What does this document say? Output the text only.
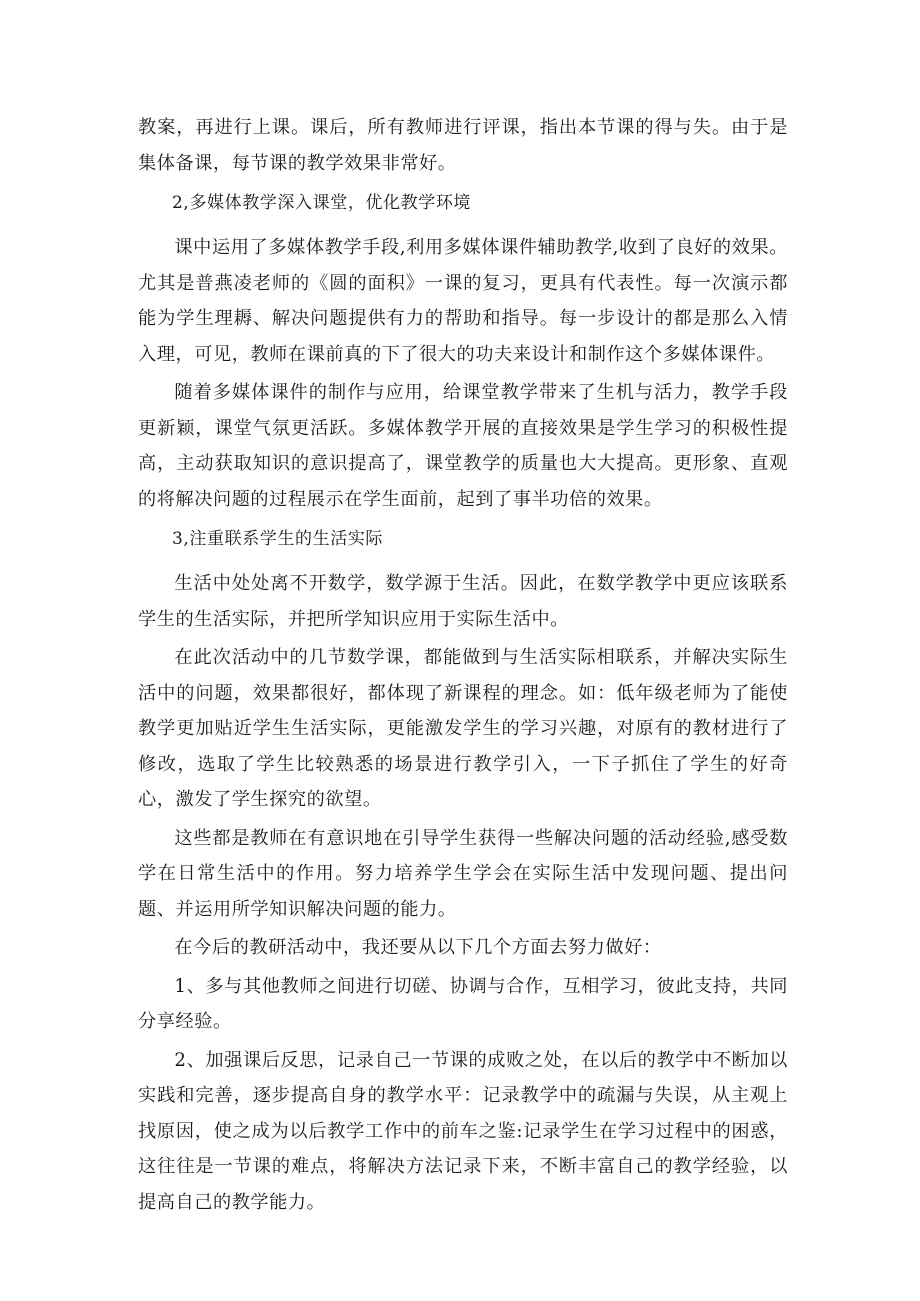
教案，再进行上课。课后，所有教师进行评课，指出本节课的得与失。由于是集体备课，每节课的教学效果非常好。

2,多媒体教学深入课堂，优化教学环境

课中运用了多媒体教学手段,利用多媒体课件辅助教学,收到了良好的效果。尤其是普燕凌老师的《圆的面积》一课的复习，更具有代表性。每一次演示都能为学生理耨、解决问题提供有力的帮助和指导。每一步设计的都是那么入情入理，可见，教师在课前真的下了很大的功夫来设计和制作这个多媒体课件。

随着多媒体课件的制作与应用，给课堂教学带来了生机与活力，教学手段更新颖，课堂气氛更活跃。多媒体教学开展的直接效果是学生学习的积极性提高，主动获取知识的意识提高了，课堂教学的质量也大大提高。更形象、直观的将解决问题的过程展示在学生面前，起到了事半功倍的效果。

3,注重联系学生的生活实际

生活中处处离不开数学，数学源于生活。因此，在数学教学中更应该联系学生的生活实际，并把所学知识应用于实际生活中。

在此次活动中的几节数学课，都能做到与生活实际相联系，并解决实际生活中的问题，效果都很好，都体现了新课程的理念。如：低年级老师为了能使教学更加贴近学生生活实际，更能激发学生的学习兴趣，对原有的教材进行了修改，选取了学生比较熟悉的场景进行教学引入，一下子抓住了学生的好奇心，激发了学生探究的欲望。

这些都是教师在有意识地在引导学生获得一些解决问题的活动经验,感受数学在日常生活中的作用。努力培养学生学会在实际生活中发现问题、提出问题、并运用所学知识解决问题的能力。

在今后的教研活动中，我还要从以下几个方面去努力做好：

1、多与其他教师之间进行切磋、协调与合作，互相学习，彼此支持，共同分享经验。

2、加强课后反思，记录自己一节课的成败之处，在以后的教学中不断加以实践和完善，逐步提高自身的教学水平：记录教学中的疏漏与失误，从主观上找原因，使之成为以后教学工作中的前车之鉴:记录学生在学习过程中的困惑，这往往是一节课的难点，将解决方法记录下来，不断丰富自己的教学经验，以提高自己的教学能力。
